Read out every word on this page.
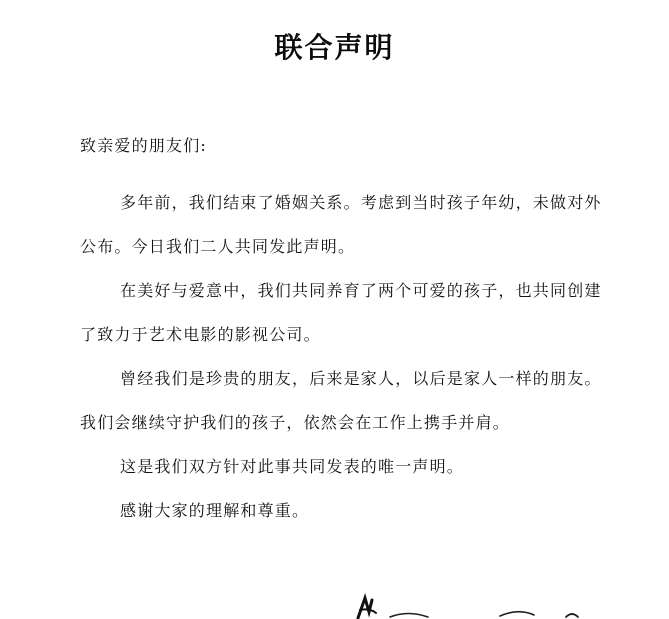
联合声明
致亲爱的朋友们:

多年前，我们结束了婚姻关系。考虑到当时孩子年幼，未做对外公布。今日我们二人共同发此声明。

在美好与爱意中，我们共同养育了两个可爱的孩子，也共同创建了致力于艺术电影的影视公司。

曾经我们是珍贵的朋友，后来是家人，以后是家人一样的朋友。我们会继续守护我们的孩子，依然会在工作上携手并肩。

这是我们双方针对此事共同发表的唯一声明。

感谢大家的理解和尊重。
